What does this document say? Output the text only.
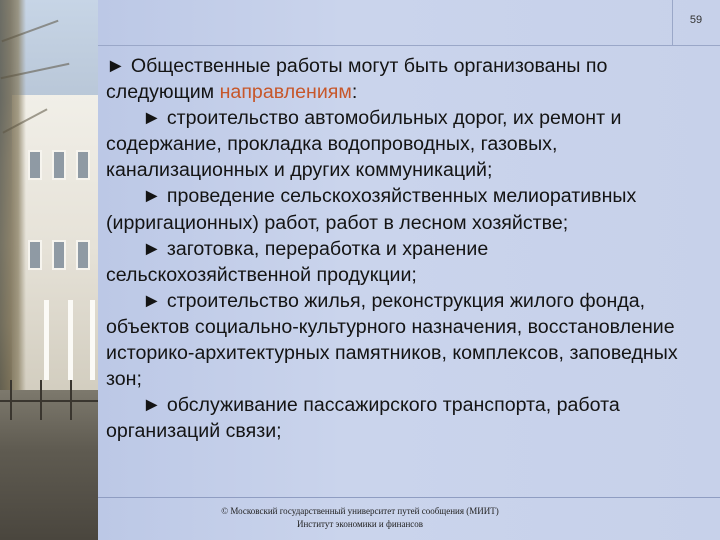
59

► Общественные работы могут быть организованы по следующим направлениям:

► строительство автомобильных дорог, их ремонт и содержание, прокладка водопроводных, газовых, канализационных и других коммуникаций;

► проведение сельскохозяйственных мелиоративных (ирригационных) работ, работ в лесном хозяйстве;

► заготовка, переработка и хранение сельскохозяйственной продукции;

► строительство жилья, реконструкция жилого фонда, объектов социально-культурного назначения, восстановление историко-архитектурных памятников, комплексов, заповедных зон;

► обслуживание пассажирского транспорта, работа организаций связи;

© Московский государственный университет путей сообщения (МИИТ)
Институт экономики и финансов
